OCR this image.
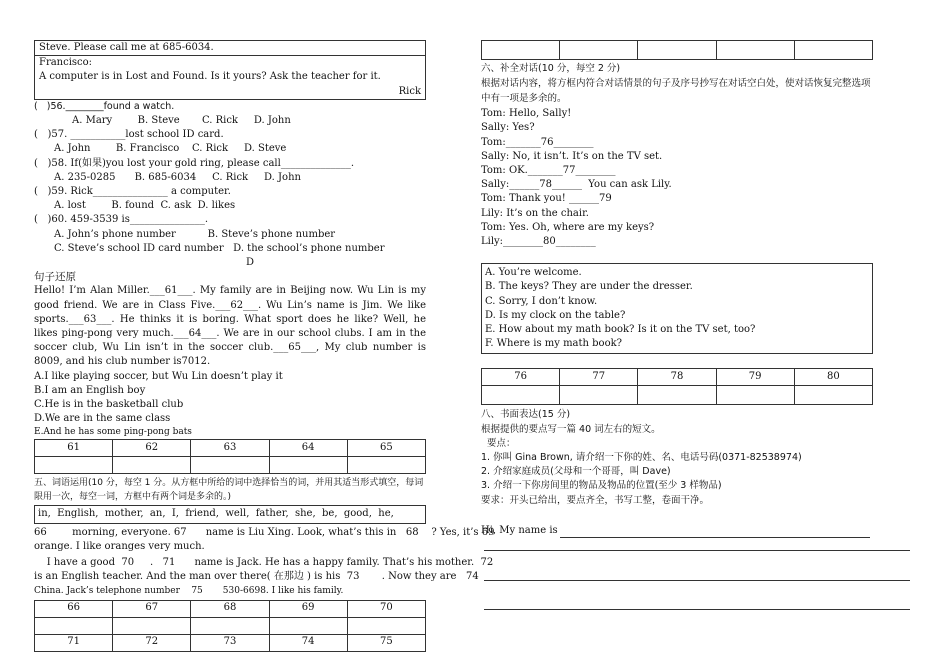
Steve. Please call me at 685-6034.
Francisco:
A computer is in Lost and Found. Is it yours? Ask the teacher for it.
Rick
(   )56.________found a watch.
A. Mary        B. Steve       C. Rick     D. John
(   )57. ___________lost school ID card.
A. John        B. Francisco    C. Rick     D. Steve
(   )58. If(如果)you lost your gold ring, please call______________.
A. 235-0285      B. 685-6034     C. Rick     D. John
(   )59. Rick_______________ a computer.
A. lost        B. found  C. ask  D. likes
(   )60. 459-3539 is_______________.
A. John’s phone number          B. Steve’s phone number
C. Steve’s school ID card number   D. the school’s phone number
D
句子还原
Hello! I’m Alan Miller.___61___. My family are in Beijing now. Wu Lin is my good friend. We are in Class Five.___62___. Wu Lin’s name is Jim. We like sports.___63___. He thinks it is boring. What sport does he like? Well, he likes ping-pong very much.___64___. We are in our school clubs. I am in the soccer club, Wu Lin isn’t in the soccer club.___65___, My club number is 8009, and his club number is7012.
A.I like playing soccer, but Wu Lin doesn’t play it
B.I am an English boy
C.He is in the basketball club
D.We are in the same class
E.And he has some ping-pong bats
61	62	63	64	65

五、词语运用(10 分，每空 1 分。从方框中所给的词中选择恰当的词，并用其适当形式填空，每词限用一次，每空一词，方框中有两个词是多余的。)
in,  English,  mother,  an,  I,  friend,  well,  father,  she,  be,  good,  he,
66        morning, everyone. 67      name is Liu Xing. Look, what’s this in   68    ? Yes, it’s 69
orange. I like oranges very much.
I have a good  70     .   71      name is Jack. He has a happy family. That’s his mother.  72
is an English teacher. And the man over there( 在那边 ) is his  73       . Now they are   74
China. Jack’s telephone number    75       530-6698. I like his family.
66	67	68	69	70

71	72	73	74	75

六、补全对话(10 分，每空 2 分)
根据对话内容，将方框内符合对话情景的句子及序号抄写在对话空白处，使对话恢复完整选项中有一项是多余的。
Tom: Hello, Sally!
Sally: Yes?
Tom:_______76________
Sally: No, it isn’t. It’s on the TV set.
Tom: OK._______77________
Sally:______78______  You can ask Lily.
Tom: Thank you! ______79
Lily: It’s on the chair.
Tom: Yes. Oh, where are my keys?
Lily:________80________
A. You’re welcome.
B. The keys? They are under the dresser.
C. Sorry, I don’t know.
D. Is my clock on the table?
E. How about my math book? Is it on the TV set, too?
F. Where is my math book?
76	77	78	79	80

八、书面表达(15 分)
根据提供的要点写一篇 40 词左右的短文。
要点：
1. 你叫 Gina Brown, 请介绍一下你的姓、名、电话号码(0371-82538974)
2. 介绍家庭成员(父母和一个哥哥，叫 Dave)
3. 介绍一下你房间里的物品及物品的位置(至少 3 样物品)
要求：开头已给出，要点齐全，书写工整，卷面干净。
Hi, My name is
